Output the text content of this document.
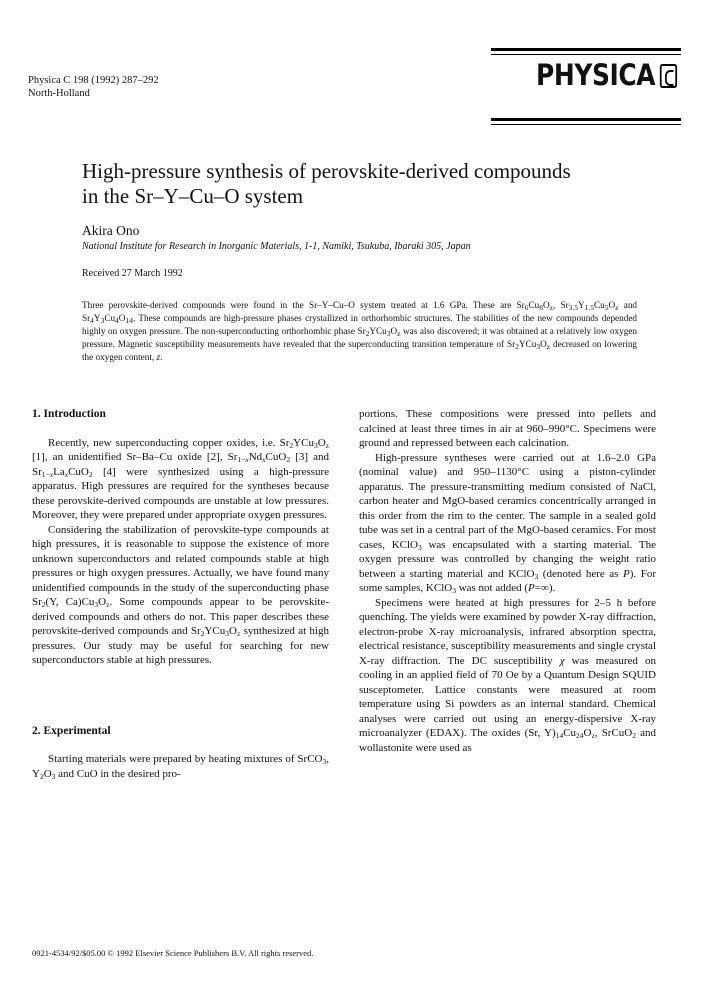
Physica C 198 (1992) 287–292
North-Holland
PHYSICA
High-pressure synthesis of perovskite-derived compounds
in the Sr–Y–Cu–O system
Akira Ono
National Institute for Research in Inorganic Materials, 1-1, Namiki, Tsukuba, Ibaraki 305, Japan
Received 27 March 1992
Three perovskite-derived compounds were found in the Sr–Y–Cu–O system treated at 1.6 GPa. These are $Sr_6Cu_8O_z$, $Sr_{3.5}Y_{1.5}Cu_5O_z$ and $Sr_4Y_3Cu_4O_{14}$. These compounds are high-pressure phases crystallized in orthorhombic structures. The stabilities of the new compounds depended highly on oxygen pressure. The non-superconducting orthorhombic phase $Sr_2YCu_3O_z$ was also discovered; it was obtained at a relatively low oxygen pressure. Magnetic susceptibility measurements have revealed that the superconducting transition temperature of $Sr_2YCu_3O_z$ decreased on lowering the oxygen content, z.

1. Introduction

Recently, new superconducting copper oxides, i.e. $Sr_2YCu_3O_z$ [1], an unidentified Sr–Ba–Cu oxide [2], $Sr_{1-x}Nd_xCuO_2$ [3] and $Sr_{1-x}La_xCuO_2$ [4] were synthesized using a high-pressure apparatus. High pressures are required for the syntheses because these perovskite-derived compounds are unstable at low pressures. Moreover, they were prepared under appropriate oxygen pressures.

Considering the stabilization of perovskite-type compounds at high pressures, it is reasonable to suppose the existence of more unknown superconductors and related compounds stable at high pressures or high oxygen pressures. Actually, we have found many unidentified compounds in the study of the superconducting phase $Sr_2(Y$, $Ca)Cu_3O_z$. Some compounds appear to be perovskite-derived compounds and others do not. This paper describes these perovskite-derived compounds and $Sr_2YCu_3O_z$ synthesized at high pressures. Our study may be useful for searching for new superconductors stable at high pressures.

2. Experimental

Starting materials were prepared by heating mixtures of SrCO$_3$, $Y_2O_3$ and CuO in the desired pro-

portions. These compositions were pressed into pellets and calcined at least three times in air at 960–990°C. Specimens were ground and repressed between each calcination.

High-pressure syntheses were carried out at 1.6–2.0 GPa (nominal value) and 950–1130°C using a piston-cylinder apparatus. The pressure-transmitting medium consisted of NaCl, carbon heater and MgO-based ceramics concentrically arranged in this order from the rim to the center. The sample in a sealed gold tube was set in a central part of the MgO-based ceramics. For most cases, KClO$_3$ was encapsulated with a starting material. The oxygen pressure was controlled by changing the weight ratio between a starting material and KClO$_3$ (denoted here as P). For some samples, KClO$_3$ was not added (P=∞).

Specimens were heated at high pressures for 2–5 h before quenching. The yields were examined by powder X-ray diffraction, electron-probe X-ray microanalysis, infrared absorption spectra, electrical resistance, susceptibility measurements and single crystal X-ray diffraction. The DC susceptibility χ was measured on cooling in an applied field of 70 Oe by a Quantum Design SQUID susceptometer. Lattice constants were measured at room temperature using Si powders as an internal standard. Chemical analyses were carried out using an energy-dispersive X-ray microanalyzer (EDAX). The oxides (Sr, $Y)_{14}Cu_{24}O_z$, SrCuO$_2$ and wollastonite were used as

0921-4534/92/$05.00 © 1992 Elsevier Science Publishers B.V. All rights reserved.
